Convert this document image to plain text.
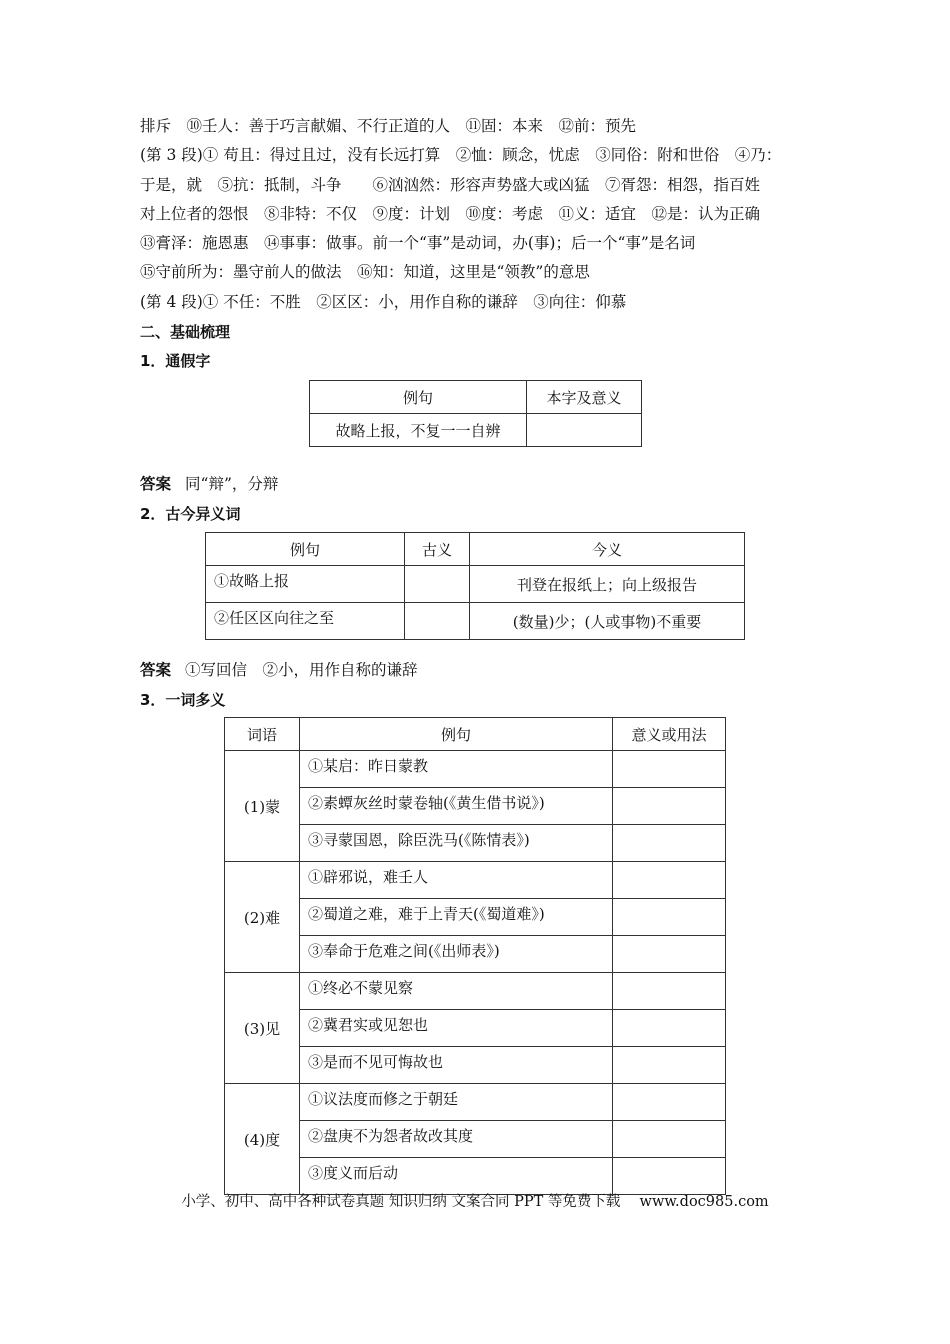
排斥　⑩壬人：善于巧言献媚、不行正道的人　⑪固：本来　⑫前：预先
(第 3 段)① 苟且：得过且过，没有长远打算　②恤：顾念，忧虑　③同俗：附和世俗　④乃：
于是，就　⑤抗：抵制，斗争　　⑥汹汹然：形容声势盛大或凶猛　⑦胥怨：相怨，指百姓
对上位者的怨恨　⑧非特：不仅　⑨度：计划　⑩度：考虑　⑪义：适宜　⑫是：认为正确
⑬膏泽：施恩惠　⑭事事：做事。前一个“事”是动词，办(事)；后一个“事”是名词
⑮守前所为：墨守前人的做法　⑯知：知道，这里是“领教”的意思
(第 4 段)① 不任：不胜　②区区：小，用作自称的谦辞　③向往：仰慕
二、基础梳理
1．通假字
例句	本字及意义
故略上报，不复一一自辨	
答案 同“辩”，分辩
2．古今异义词
例句	古义	今义
①故略上报		刊登在报纸上；向上级报告
②任区区向往之至		(数量)少；(人或事物)不重要
答案 ①写回信　②小，用作自称的谦辞
3．一词多义
词语	例句	意义或用法
(1)蒙	①某启：昨日蒙教	
	②素蟫灰丝时蒙卷轴(《黄生借书说》)	
	③寻蒙国恩，除臣洗马(《陈情表》)	
(2)难	①辟邪说，难壬人	
	②蜀道之难，难于上青天(《蜀道难》)	
	③奉命于危难之间(《出师表》)	
(3)见	①终必不蒙见察	
	②冀君实或见恕也	
	③是而不见可悔故也	
(4)度	①议法度而修之于朝廷	
	②盘庚不为怨者故改其度	
	③度义而后动	
小学、初中、高中各种试卷真题 知识归纳 文案合同 PPT 等免费下载　 www.doc985.com
